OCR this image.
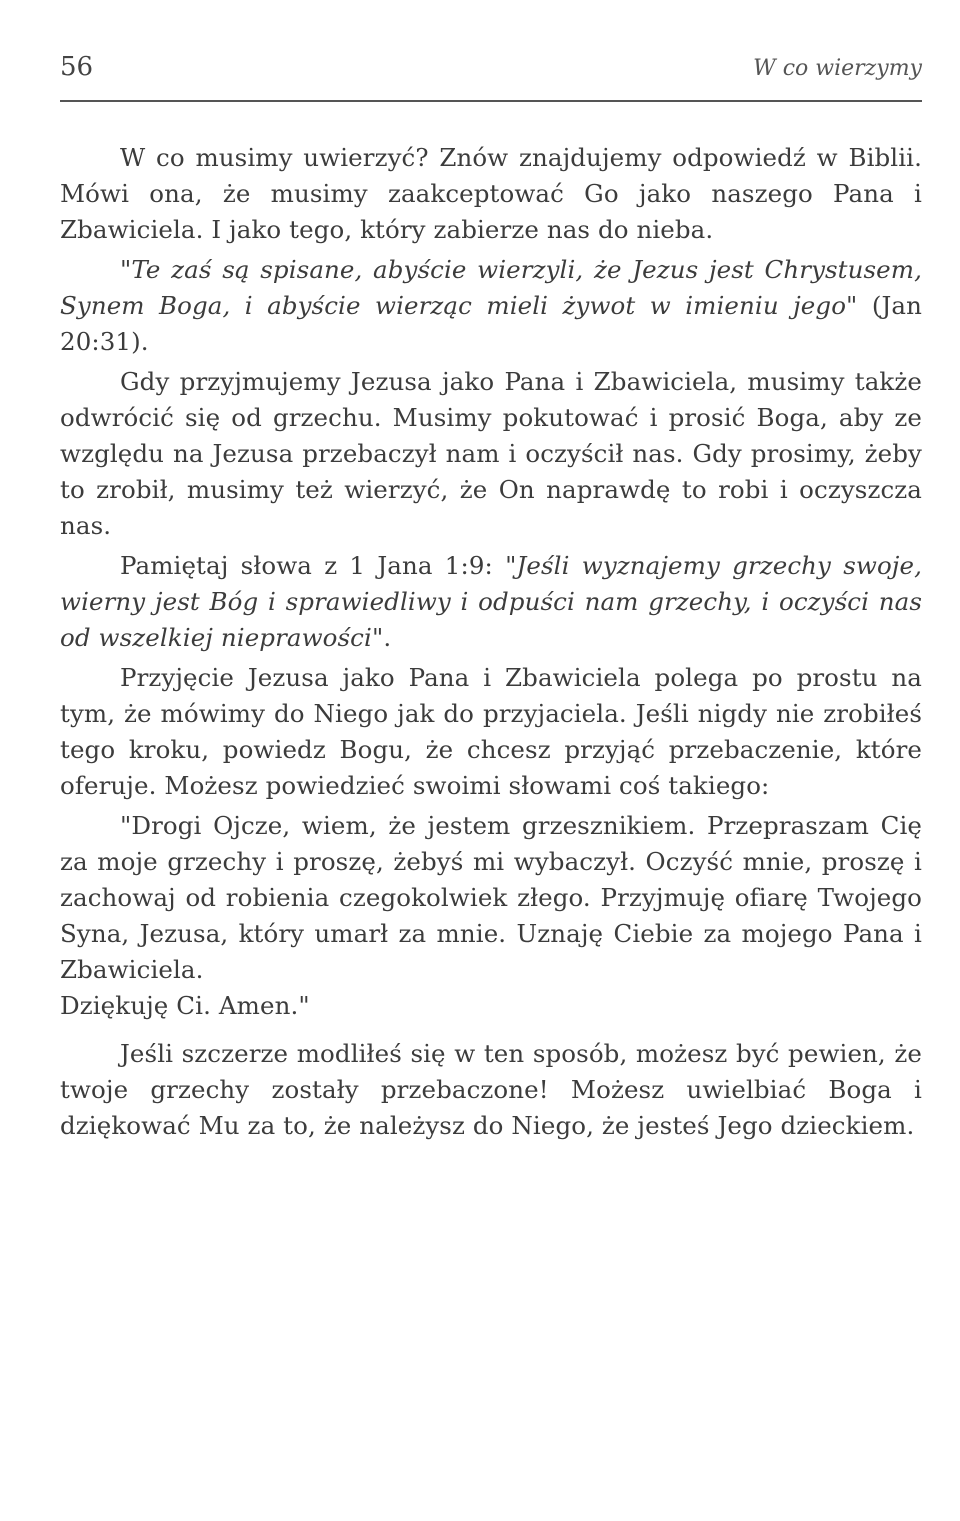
56	W co wierzymy

W co musimy uwierzyć? Znów znajdujemy odpowiedź w Biblii. Mówi ona, że musimy zaakceptować Go jako naszego Pana i Zbawiciela. I jako tego, który zabierze nas do nieba.

"Te zaś są spisane, abyście wierzyli, że Jezus jest Chrystusem, Synem Boga, i abyście wierząc mieli żywot w imieniu jego" (Jan 20:31).

Gdy przyjmujemy Jezusa jako Pana i Zbawiciela, musimy także odwrócić się od grzechu. Musimy pokutować i prosić Boga, aby ze względu na Jezusa przebaczył nam i oczyścił nas. Gdy prosimy, żeby to zrobił, musimy też wierzyć, że On naprawdę to robi i oczyszcza nas.

Pamiętaj słowa z 1 Jana 1:9: "Jeśli wyznajemy grzechy swoje, wierny jest Bóg i sprawiedliwy i odpuści nam grzechy, i oczyści nas od wszelkiej nieprawości".

Przyjęcie Jezusa jako Pana i Zbawiciela polega po prostu na tym, że mówimy do Niego jak do przyjaciela. Jeśli nigdy nie zrobiłeś tego kroku, powiedz Bogu, że chcesz przyjąć przebaczenie, które oferuje. Możesz powiedzieć swoimi słowami coś takiego:

"Drogi Ojcze, wiem, że jestem grzesznikiem. Przepraszam Cię za moje grzechy i proszę, żebyś mi wybaczył. Oczyść mnie, proszę i zachowaj od robienia czegokolwiek złego. Przyjmuję ofiarę Twojego Syna, Jezusa, który umarł za mnie. Uznaję Ciebie za mojego Pana i Zbawiciela.

Dziękuję Ci. Amen."

Jeśli szczerze modliłeś się w ten sposób, możesz być pewien, że twoje grzechy zostały przebaczone! Możesz uwielbiać Boga i dziękować Mu za to, że należysz do Niego, że jesteś Jego dzieckiem.
